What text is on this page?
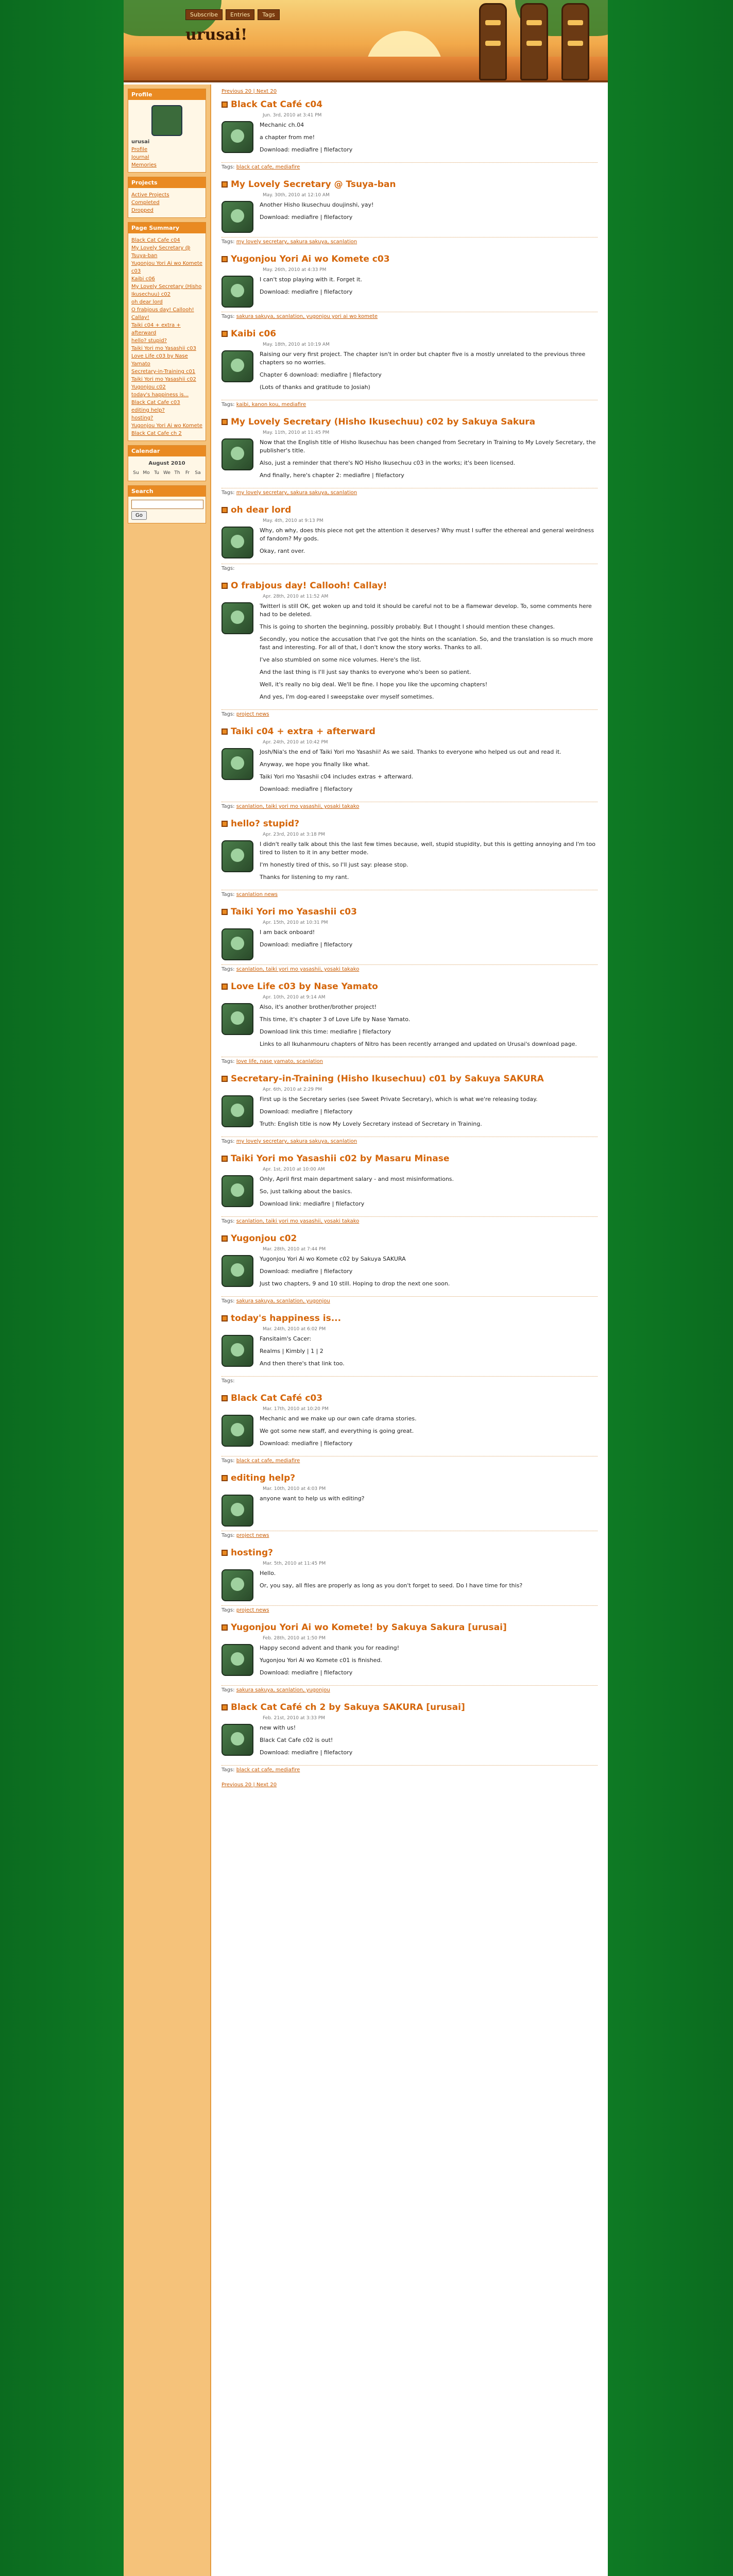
Subscribe	Entries	Tags
urusai!
Profile
urusai
Profile
Journal
Memories
Projects
Active Projects
Completed
Dropped
Page Summary
Black Cat Cafe c04
My Lovely Secretary @ Tsuya-ban
Yugonjou Yori Ai wo Komete c03
Kaibi c06
My Lovely Secretary (Hisho Ikusechuu) c02
oh dear lord
O frabjous day! Callooh! Callay!
Taiki c04 + extra + afterward
hello? stupid?
Taiki Yori mo Yasashii c03
Love Life c03 by Nase Yamato
Secretary-in-Training c01
Taiki Yori mo Yasashii c02
Yugonjou c02
today's happiness is...
Black Cat Cafe c03
editing help?
hosting?
Yugonjou Yori Ai wo Komete
Black Cat Cafe ch 2
Calendar
August 2010
Su Mo Tu We Th	Fr	Sa
Search
Go
Previous 20 | Next 20
Black Cat Café c04
Jun. 3rd, 2010 at 3:41 PM

Mechanic ch.04

a chapter from me!

Download: mediafire | filefactory

Tags: black cat cafe, mediafire
My Lovely Secretary @ Tsuya-ban
May. 30th, 2010 at 12:10 AM

Another Hisho Ikusechuu doujinshi, yay!

Download: mediafire | filefactory

Tags: my lovely secretary, sakura sakuya, scanlation
Yugonjou Yori Ai wo Komete c03
May. 26th, 2010 at 4:33 PM

I can't stop playing with it. Forget it.

Download: mediafire | filefactory

Tags: sakura sakuya, scanlation, yugonjou yori ai wo komete
Kaibi c06
May. 18th, 2010 at 10:19 AM

Raising our very first project. The chapter isn't in order but chapter five is a mostly unrelated to the previous three chapters so no worries.

Chapter 6 download: mediafire | filefactory

(Lots of thanks and gratitude to Josiah)

Tags: kaibi, kanon kou, mediafire
My Lovely Secretary (Hisho Ikusechuu) c02 by Sakuya Sakura
May. 11th, 2010 at 11:45 PM

Now that the English title of Hisho Ikusechuu has been changed from Secretary in Training to My Lovely Secretary, the publisher's title.

Also, just a reminder that there's NO Hisho Ikusechuu c03 in the works; it's been licensed.

And finally, here's chapter 2: mediafire | filefactory

Tags: my lovely secretary, sakura sakuya, scanlation
oh dear lord
May. 4th, 2010 at 9:13 PM

Why, oh why, does this piece not get the attention it deserves? Why must I suffer the ethereal and general weirdness of fandom? My gods.

Okay, rant over.

Tags:
O frabjous day! Callooh! Callay!
Apr. 28th, 2010 at 11:52 AM

Twitterl is still OK, get woken up and told it should be careful not to be a flamewar develop. To, some comments here had to be deleted.

This is going to shorten the beginning, possibly probably. But I thought I should mention these changes.

Secondly, you notice the accusation that I've got the hints on the scanlation. So, and the translation is so much more fast and interesting. For all of that, I don't know the story works. Thanks to all.

I've also stumbled on some nice volumes. Here's the list.

And the last thing is I'll just say thanks to everyone who's been so patient.

Well, it's really no big deal. We'll be fine. I hope you like the upcoming chapters!

And yes, I'm dog-eared I sweepstake over myself sometimes.

Tags: project news
Taiki c04 + extra + afterward
Apr. 24th, 2010 at 10:42 PM

Josh/Nia's the end of Taiki Yori mo Yasashii! As we said. Thanks to everyone who helped us out and read it.

Anyway, we hope you finally like what.

Taiki Yori mo Yasashii c04 includes extras + afterward.

Download: mediafire | filefactory

Tags: scanlation, taiki yori mo yasashii, yosaki takako
hello? stupid?
Apr. 23rd, 2010 at 3:18 PM

I didn't really talk about this the last few times because, well, stupid stupidity, but this is getting annoying and I'm too tired to listen to it in any better mode.

I'm honestly tired of this, so I'll just say: please stop.

Thanks for listening to my rant.

Tags: scanlation news
Taiki Yori mo Yasashii c03
Apr. 15th, 2010 at 10:31 PM

I am back onboard!

Download: mediafire | filefactory

Tags: scanlation, taiki yori mo yasashii, yosaki takako
Love Life c03 by Nase Yamato
Apr. 10th, 2010 at 9:14 AM

Also, it's another brother/brother project!

This time, it's chapter 3 of Love Life by Nase Yamato.

Download link this time: mediafire | filefactory

Links to all Ikuhanmouru chapters of Nitro has been recently arranged and updated on Urusai's download page.

Tags: love life, nase yamato, scanlation
Secretary-in-Training (Hisho Ikusechuu) c01 by Sakuya SAKURA
Apr. 6th, 2010 at 2:29 PM

First up is the Secretary series (see Sweet Private Secretary), which is what we're releasing today.

Download: mediafire | filefactory

Truth: English title is now My Lovely Secretary instead of Secretary in Training.

Tags: my lovely secretary, sakura sakuya, scanlation
Taiki Yori mo Yasashii c02 by Masaru Minase
Apr. 1st, 2010 at 10:00 AM

Only, April first main department salary - and most misinformations.

So, just talking about the basics.

Download link: mediafire | filefactory

Tags: scanlation, taiki yori mo yasashii, yosaki takako
Yugonjou c02
Mar. 28th, 2010 at 7:44 PM

Yugonjou Yori Ai wo Komete c02 by Sakuya SAKURA

Download: mediafire | filefactory

Just two chapters, 9 and 10 still. Hoping to drop the next one soon.

Tags: sakura sakuya, scanlation, yugonjou
today's happiness is...
Mar. 24th, 2010 at 6:02 PM

Fansitaim's Cacer:

Realms | Kimbly | 1 | 2

And then there's that link too.

Tags:
Black Cat Café c03
Mar. 17th, 2010 at 10:20 PM

Mechanic and we make up our own cafe drama stories.

We got some new staff, and everything is going great.

Download: mediafire | filefactory

Tags: black cat cafe, mediafire
editing help?
Mar. 10th, 2010 at 4:03 PM

anyone want to help us with editing?

Tags: project news
hosting?
Mar. 5th, 2010 at 11:45 PM

Hello.

Or, you say, all files are properly as long as you don't forget to seed. Do I have time for this?

Tags: project news
Yugonjou Yori Ai wo Komete! by Sakuya Sakura [urusai]
Feb. 28th, 2010 at 1:50 PM

Happy second advent and thank you for reading!

Yugonjou Yori Ai wo Komete c01 is finished.

Download: mediafire | filefactory

Tags: sakura sakuya, scanlation, yugonjou
Black Cat Café ch 2 by Sakuya SAKURA [urusai]
Feb. 21st, 2010 at 3:33 PM

new with us!

Black Cat Cafe c02 is out!

Download: mediafire | filefactory

Tags: black cat cafe, mediafire
Previous 20 | Next 20
